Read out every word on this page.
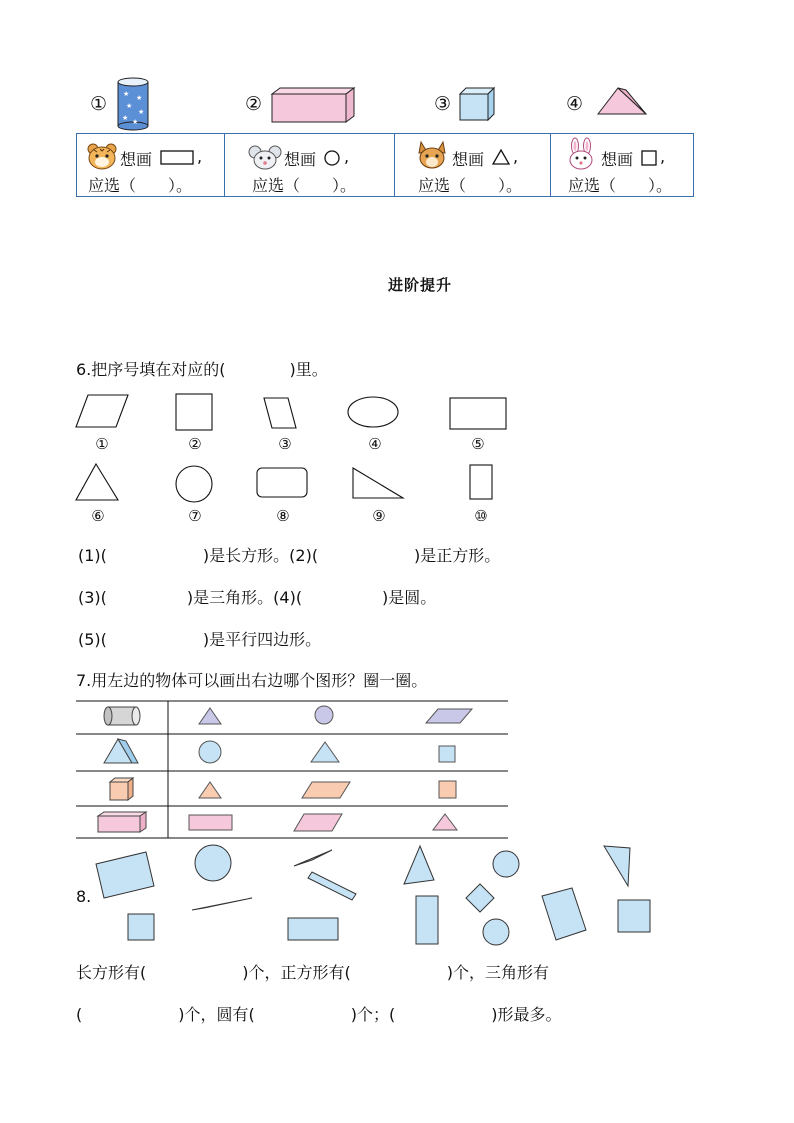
① ★ ★
★
★
★ ★
②	③	④
想画	,
应选（　　）。
想画 ,
应选（　　）。
想画 ,
应选（　　）。
想画 ,
应选（　　）。
进阶提升
6.把序号填在对应的(　　　　)里。
①	②	③	④	⑤
⑥	⑦	⑧	⑨	⑩
(1)(　　　　　　)是长方形。(2)(　　　　　　)是正方形。
(3)(　　　　　)是三角形。(4)(　　　　　)是圆。
(5)(　　　　　　)是平行四边形。
7.用左边的物体可以画出右边哪个图形？圈一圈。
8.
长方形有(　　　　　　)个，正方形有(　　　　　　)个，三角形有
(　　　　　　)个，圆有(　　　　　　)个；(　　　　　　)形最多。
